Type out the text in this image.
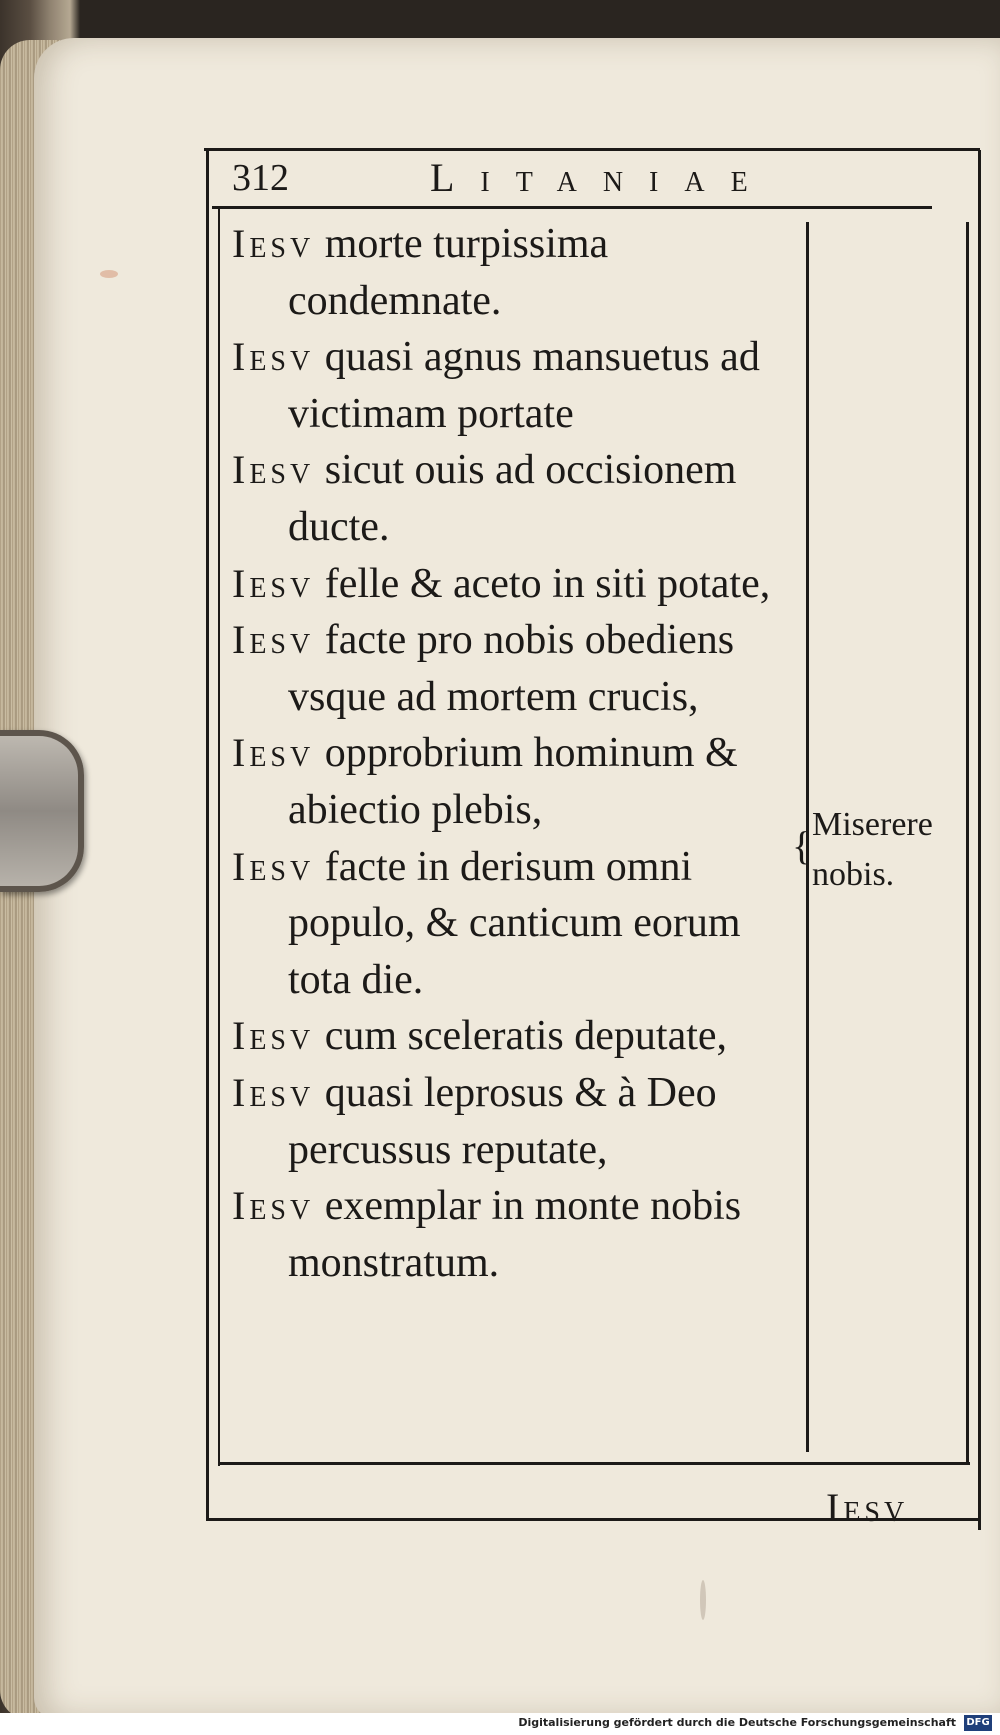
312	Litaniae

Iesv morte turpissima condemnate.

Iesv quasi agnus mansuetus ad victimam portate

Iesv sicut ouis ad occisionem ducte.

Iesv felle & aceto in siti potate,

Iesv facte pro nobis obediens vsque ad mortem crucis,

Iesv opprobrium hominum & abiectio plebis,

Iesv facte in derisum omni populo, & canticum eorum tota die.

Iesv cum sceleratis deputate,

Iesv quasi leprosus & à Deo percussus reputate,

Iesv exemplar in monte nobis monstratum.

{ Miserere
nobis.
Iesv
Digitalisierung gefördert durch die Deutsche Forschungsgemeinschaft DFG
